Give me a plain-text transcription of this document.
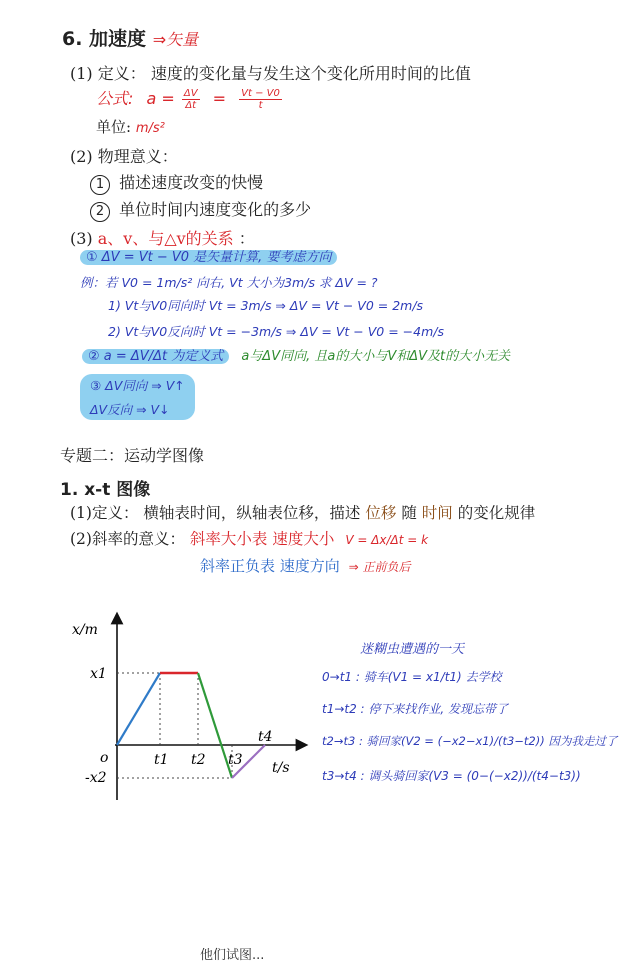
6. 加速度 ⇒矢量
(1) 定义： 速度的变化量与发生这个变化所用时间的比值
公式: $a = \frac{\Delta V}{\Delta t} = \frac{Vt - V0}{t}$
单位: m/s²
(2) 物理意义：
1 描述速度改变的快慢
2 单位时间内速度变化的多少
(3) a、v、与△v的关系 ：
① ΔV = Vt − V0 是矢量计算, 要考虑方向
例：若 V0 = 1m/s² 向右, Vt 大小为3m/s 求 ΔV = ?
1) Vt与V0同向时 Vt = 3m/s ⇒ ΔV = Vt − V0 = 2m/s
2) Vt与V0反向时 Vt = −3m/s ⇒ ΔV = Vt − V0 = −4m/s
② a = ΔV/Δt 为定义式 a与ΔV同向, 且a的大小与V和ΔV及t的大小无关
③ ΔV同向 ⇒ V↑
ΔV反向 ⇒ V↓
专题二：运动学图像
1. x-t 图像
(1)定义： 横轴表时间，纵轴表位移，描述 位移 随 时间 的变化规律
(2)斜率的意义： 斜率大小表 速度大小 V = Δx/Δt = k
斜率正负表 速度方向 ⇒ 正前负后
x/m
t/s
x1
-x2
o	t1 t2 t3
t4
迷糊虫遭遇的一天
0→t1 : 骑车(V1 = x1/t1) 去学校
t1→t2 : 停下来找作业, 发现忘带了
t2→t3 : 骑回家(V2 = (−x2−x1)/(t3−t2)) 因为我走过了
t3→t4 : 调头骑回家(V3 = (0−(−x2))/(t4−t3))
他们试图...
